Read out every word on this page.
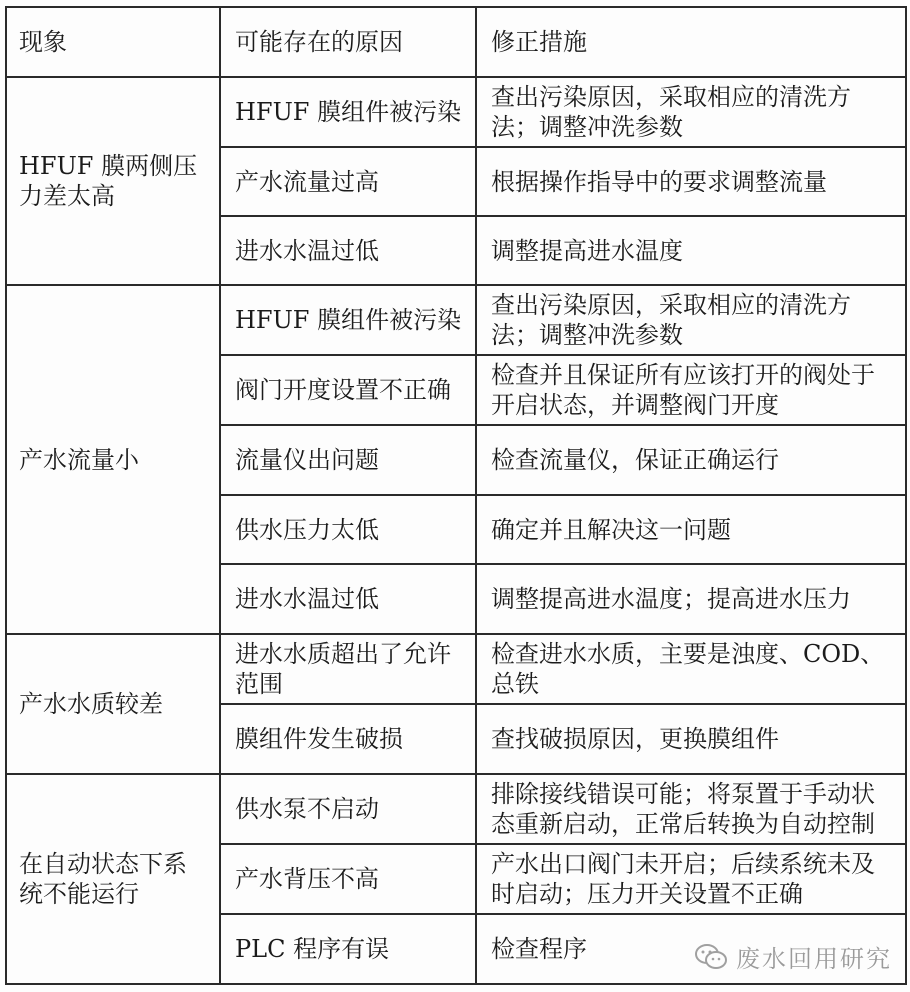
现象	可能存在的原因	修正措施
HFUF 膜两侧压力差太高	HFUF 膜组件被污染	查出污染原因，采取相应的清洗方法；调整冲洗参数
	产水流量过高	根据操作指导中的要求调整流量
	进水水温过低	调整提高进水温度
产水流量小	HFUF 膜组件被污染	查出污染原因，采取相应的清洗方法；调整冲洗参数
	阀门开度设置不正确	检查并且保证所有应该打开的阀处于开启状态，并调整阀门开度
	流量仪出问题	检查流量仪，保证正确运行
	供水压力太低	确定并且解决这一问题
	进水水温过低	调整提高进水温度；提高进水压力
产水水质较差	进水水质超出了允许范围	检查进水水质，主要是浊度、COD、总铁
	膜组件发生破损	查找破损原因，更换膜组件
在自动状态下系统不能运行	供水泵不启动	排除接线错误可能；将泵置于手动状态重新启动，正常后转换为自动控制
	产水背压不高	产水出口阀门未开启；后续系统未及时启动；压力开关设置不正确
	PLC 程序有误	检查程序	废水回用研究
